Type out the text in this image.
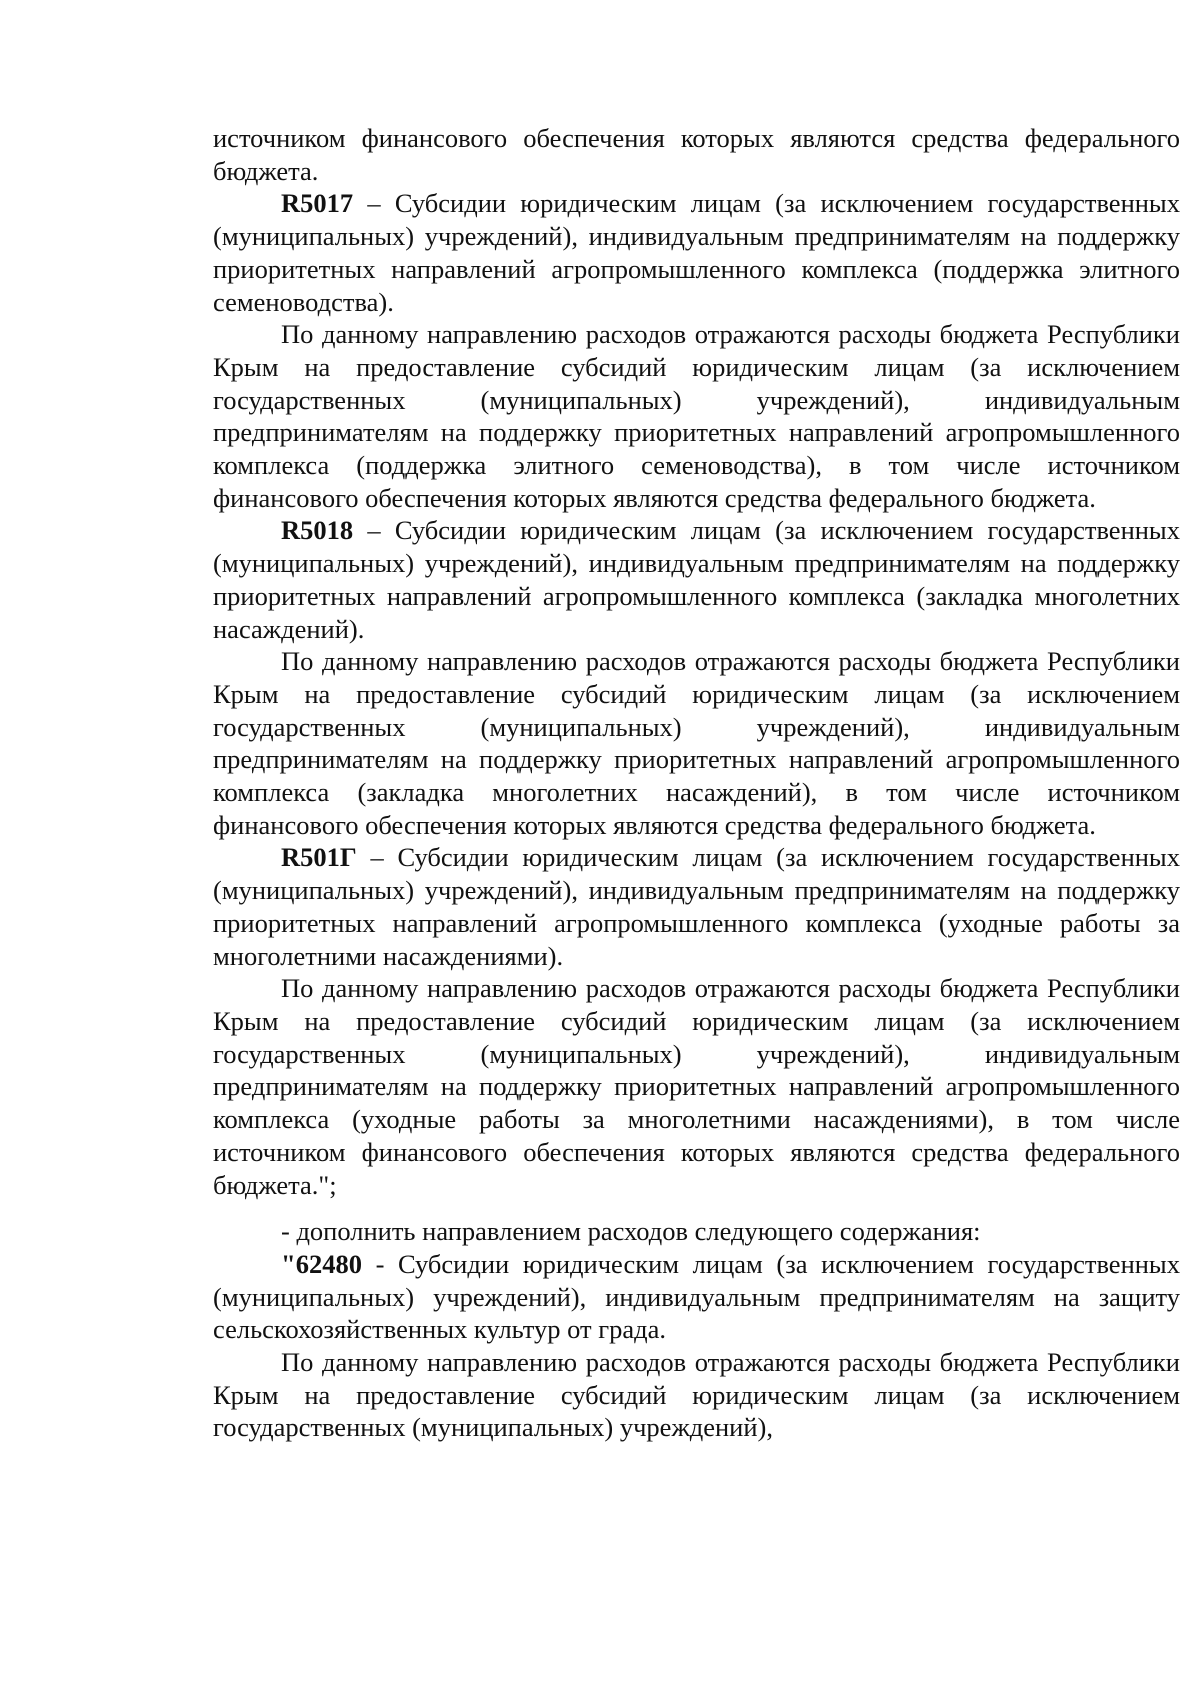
источником финансового обеспечения которых являются средства федерального бюджета.

R5017 – Субсидии юридическим лицам (за исключением государственных (муниципальных) учреждений), индивидуальным предпринимателям на поддержку приоритетных направлений агропромышленного комплекса (поддержка элитного семеноводства).

По данному направлению расходов отражаются расходы бюджета Республики Крым на предоставление субсидий юридическим лицам (за исключением государственных (муниципальных) учреждений), индивидуальным предпринимателям на поддержку приоритетных направлений агропромышленного комплекса (поддержка элитного семеноводства), в том числе источником финансового обеспечения которых являются средства федерального бюджета.

R5018 – Субсидии юридическим лицам (за исключением государственных (муниципальных) учреждений), индивидуальным предпринимателям на поддержку приоритетных направлений агропромышленного комплекса (закладка многолетних насаждений).

По данному направлению расходов отражаются расходы бюджета Республики Крым на предоставление субсидий юридическим лицам (за исключением государственных (муниципальных) учреждений), индивидуальным предпринимателям на поддержку приоритетных направлений агропромышленного комплекса (закладка многолетних насаждений), в том числе источником финансового обеспечения которых являются средства федерального бюджета.

R501Г – Субсидии юридическим лицам (за исключением государственных (муниципальных) учреждений), индивидуальным предпринимателям на поддержку приоритетных направлений агропромышленного комплекса (уходные работы за многолетними насаждениями).

По данному направлению расходов отражаются расходы бюджета Республики Крым на предоставление субсидий юридическим лицам (за исключением государственных (муниципальных) учреждений), индивидуальным предпринимателям на поддержку приоритетных направлений агропромышленного комплекса (уходные работы за многолетними насаждениями), в том числе источником финансового обеспечения которых являются средства федерального бюджета.";

- дополнить направлением расходов следующего содержания:

"62480 - Субсидии юридическим лицам (за исключением государственных (муниципальных) учреждений), индивидуальным предпринимателям на защиту сельскохозяйственных культур от града.

По данному направлению расходов отражаются расходы бюджета Республики Крым на предоставление субсидий юридическим лицам (за исключением государственных (муниципальных) учреждений),
